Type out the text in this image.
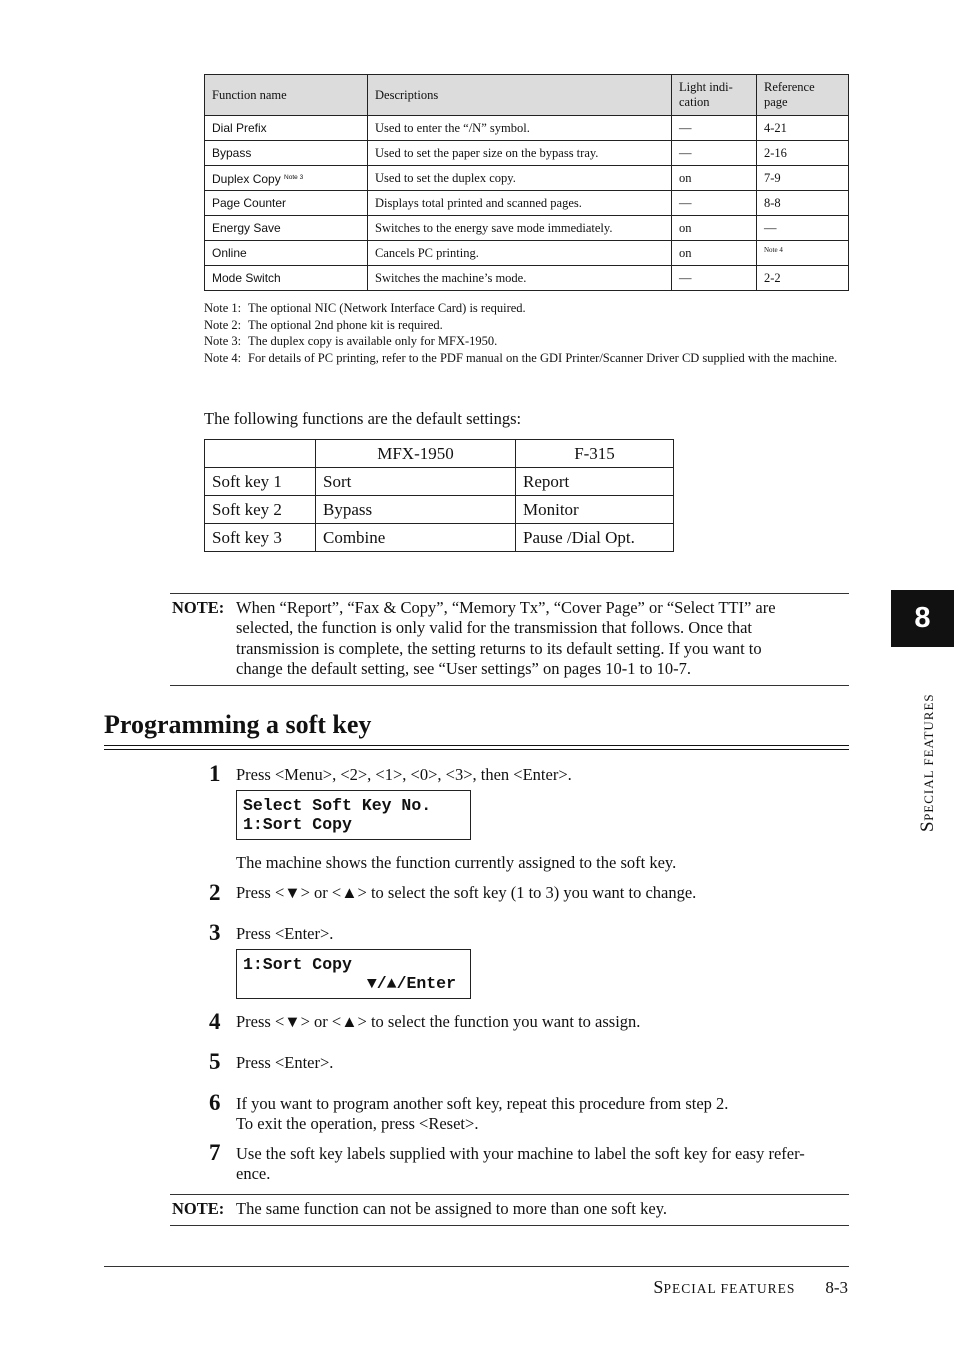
Function name	Descriptions	Light indi-cation	Reference page
Dial Prefix	Used to enter the “/N” symbol.	—	4-21
Bypass	Used to set the paper size on the bypass tray.	—	2-16
Duplex Copy $^{Note 3}$	Used to set the duplex copy.	on	7-9
Page Counter	Displays total printed and scanned pages.	—	8-8
Energy Save	Switches to the energy save mode immediately.	on	—
Online	Cancels PC printing.	on	$^{Note 4}$
Mode Switch	Switches the machine’s mode.	—	2-2
Note 1: The optional NIC (Network Interface Card) is required.
Note 2: The optional 2nd phone kit is required.
Note 3: The duplex copy is available only for MFX-1950.
Note 4: For details of PC printing, refer to the PDF manual on the GDI Printer/Scanner Driver CD supplied with the machine.
The following functions are the default settings:
	MFX-1950	F-315
Soft key 1	Sort	Report
Soft key 2	Bypass	Monitor
Soft key 3	Combine	Pause /Dial Opt.
NOTE: When “Report”, “Fax & Copy”, “Memory Tx”, “Cover Page” or “Select TTI” are
selected, the function is only valid for the transmission that follows. Once that
transmission is complete, the setting returns to its default setting. If you want to
change the default setting, see “User settings” on pages 10-1 to 10-7.
8
SPECIAL FEATURES
Programming a soft key
1 Press <Menu>, <2>, <1>, <0>, <3>, then <Enter>.
Select Soft Key No.
1:Sort Copy
The machine shows the function currently assigned to the soft key.
2 Press <▼> or <▲> to select the soft key (1 to 3) you want to change.
3 Press <Enter>.
1:Sort Copy
▼/▲/Enter
4 Press <▼> or <▲> to select the function you want to assign.
5 Press <Enter>.
6 If you want to program another soft key, repeat this procedure from step 2.
To exit the operation, press <Reset>.
7 Use the soft key labels supplied with your machine to label the soft key for easy refer-
ence.
NOTE: The same function can not be assigned to more than one soft key.
SPECIAL FEATURES 8-3
